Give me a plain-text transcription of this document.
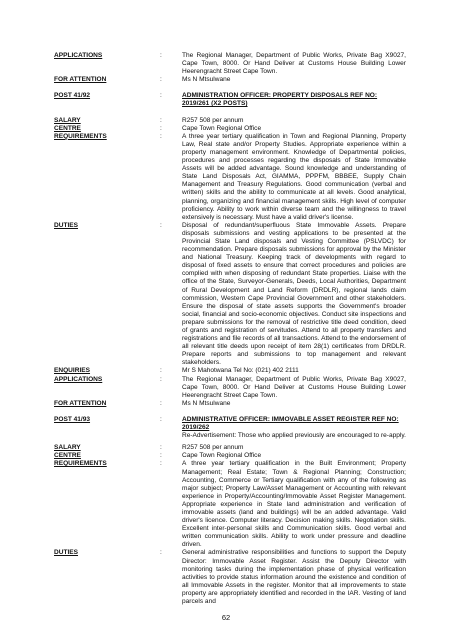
APPLICATIONS	:	The Regional Manager, Department of Public Works, Private Bag X9027, Cape Town, 8000. Or Hand Deliver at Customs House Building Lower Heerengracht Street Cape Town.

FOR ATTENTION	:	Ms N Mtsulwane

POST 41/92	:	ADMINISTRATION OFFICER: PROPERTY DISPOSALS REF NO: 2019/261 (X2 POSTS)

SALARY	:	R257 508 per annum

CENTRE	:	Cape Town Regional Office

REQUIREMENTS	:	A three year tertiary qualification in Town and Regional Planning, Property Law, Real state and/or Property Studies. Appropriate experience within a property management environment. Knowledge of Departmental policies, procedures and processes regarding the disposals of State Immovable Assets will be added advantage. Sound knowledge and understanding of State Land Disposals Act, GIAMMA, PPPFM, BBBEE, Supply Chain Management and Treasury Regulations. Good communication (verbal and written) skills and the ability to communicate at all levels. Good analytical, planning, organizing and financial management skills. High level of computer proficiency. Ability to work within diverse team and the willingness to travel extensively is necessary. Must have a valid driver's license.

DUTIES	:	Disposal of redundant/superfluous State Immovable Assets. Prepare disposals submissions and vesting applications to be presented at the Provincial State Land disposals and Vesting Committee (PSLVDC) for recommendation. Prepare disposals submissions for approval by the Minister and National Treasury. Keeping track of developments with regard to disposal of fixed assets to ensure that correct procedures and policies are complied with when disposing of redundant State properties. Liaise with the office of the State, Surveyor-Generals, Deeds, Local Authorities, Department of Rural Development and Land Reform (DRDLR), regional lands claim commission, Western Cape Provincial Government and other stakeholders. Ensure the disposal of state assets supports the Government's broader social, financial and socio-economic objectives. Conduct site inspections and prepare submissions for the removal of restrictive title deed condition, deed of grants and registration of servitudes. Attend to all property transfers and registrations and file records of all transactions. Attend to the endorsement of all relevant title deeds upon receipt of item 28(1) certificates from DRDLR. Prepare reports and submissions to top management and relevant stakeholders.

ENQUIRIES	:	Mr S Mahotwana Tel No: (021) 402 2111

APPLICATIONS	:	The Regional Manager, Department of Public Works, Private Bag X9027, Cape Town, 8000. Or Hand Deliver at Customs House Building Lower Heerengracht Street Cape Town.

FOR ATTENTION	:	Ms N Mtsulwane

POST 41/93	:	ADMINISTRATIVE OFFICER: IMMOVABLE ASSET REGISTER REF NO: 2019/262

Re-Advertisement: Those who applied previously are encouraged to re-apply.

SALARY	:	R257 508 per annum

CENTRE	:	Cape Town Regional Office

REQUIREMENTS	:	A three year tertiary qualification in the Built Environment; Property Management; Real Estate; Town & Regional Planning; Construction; Accounting, Commerce or Tertiary qualification with any of the following as major subject; Property Law/Asset Management or Accounting with relevant experience in Property/Accounting/Immovable Asset Register Management. Appropriate experience in State land administration and verification of immovable assets (land and buildings) will be an added advantage. Valid driver's licence. Computer literacy. Decision making skills. Negotiation skills. Excellent inter-personal skills and Communication skills. Good verbal and written communication skills. Ability to work under pressure and deadline driven.

DUTIES	:	General administrative responsibilities and functions to support the Deputy Director: Immovable Asset Register. Assist the Deputy Director with monitoring tasks during the implementation phase of physical verification activities to provide status information around the existence and condition of all Immovable Assets in the register. Monitor that all improvements to state property are appropriately identified and recorded in the IAR. Vesting of land parcels and

62
